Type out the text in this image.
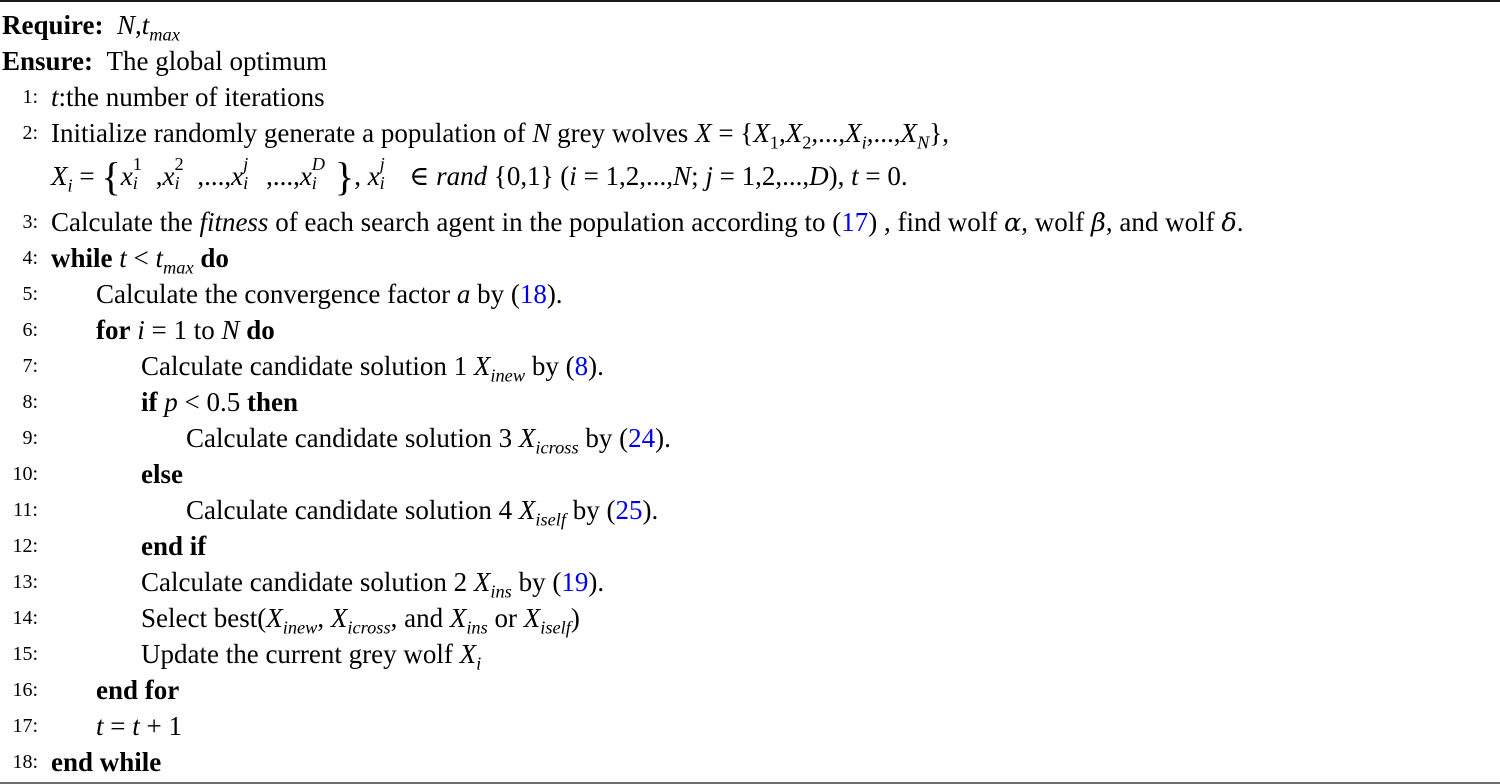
Require: $N,t_{max}$
Ensure: The global optimum
1: t:the number of iterations
2: Initialize randomly generate a population of N grey wolves $X = \{X_1,X_2,...,X_i,...,X_N\}$,
$X_i = \{x$ 1
i ,x 2
i ,...,x j
i ,...,x D
i }, x j
i ∈ rand {0,1} (i = 1,2,...,N; j = 1,2,...,D), t = 0.
3: Calculate the fitness of each search agent in the population according to (17) , find wolf α, wolf β, and wolf δ.
4: while $t < t_{max}$ do
5: Calculate the convergence factor a by (18).
6: for i = 1 to N do
7:	Calculate candidate solution 1 $X_{inew}$ by (8).
8:	if p < 0.5 then
9:	Calculate candidate solution 3 $X_{icross}$ by (24).
10:	else
11:	Calculate candidate solution 4 $X_{iself}$ by (25).
12:	end if
13:	Calculate candidate solution 2 $X_{ins}$ by (19).
14:	Select $best(X_{inew}$, $X_{icross}$, and $X_{ins}$ or $X_{iself}$)
15:	Update the current grey wolf $X_i$
16: end for
17: t = t + 1
18: end while
